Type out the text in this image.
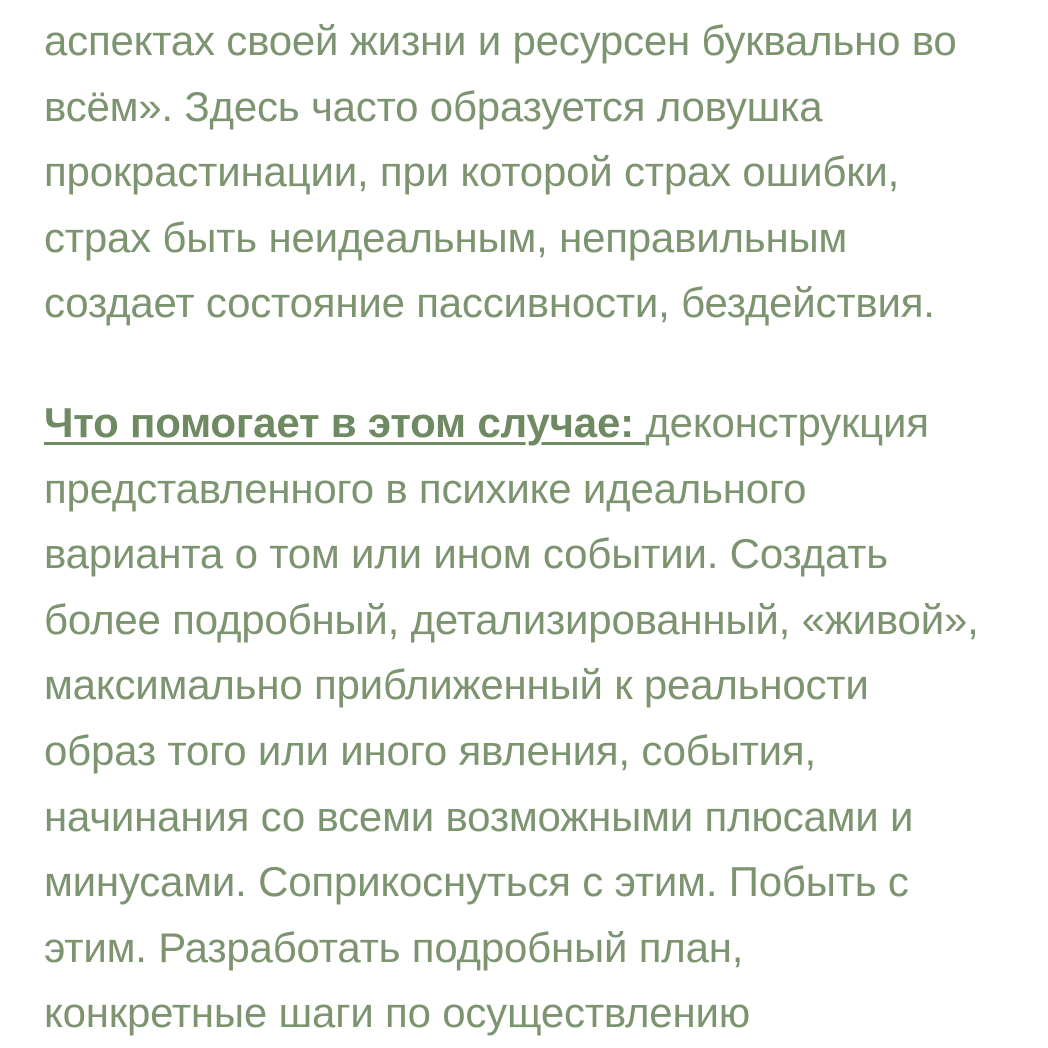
аспектах своей жизни и ресурсен буквально во
всём». Здесь часто образуется ловушка
прокрастинации, при которой страх ошибки,
страх быть неидеальным, неправильным
создает состояние пассивности, бездействия.

Что помогает в этом случае: деконструкция
представленного в психике идеального
варианта о том или ином событии. Создать
более подробный, детализированный, «живой»,
максимально приближенный к реальности
образ того или иного явления, события,
начинания со всеми возможными плюсами и
минусами. Соприкоснуться с этим. Побыть с
этим. Разработать подробный план,
конкретные шаги по осуществлению
